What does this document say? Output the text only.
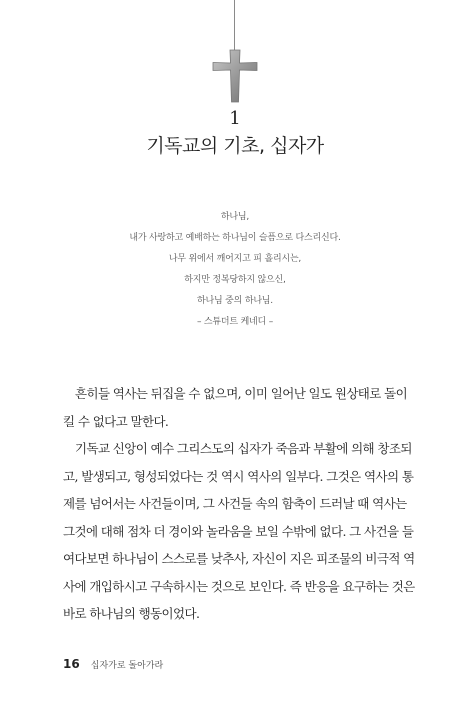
1
기독교의 기초, 십자가
하나님,
내가 사랑하고 예배하는 하나님이 슬픔으로 다스리신다.
나무 위에서 깨어지고 피 흘리시는,
하지만 정복당하지 않으신,
하나님 중의 하나님.
– 스튜더트 케네디 –
흔히들 역사는 뒤집을 수 없으며, 이미 일어난 일도 원상태로 돌이
킬 수 없다고 말한다.
기독교 신앙이 예수 그리스도의 십자가 죽음과 부활에 의해 창조되
고, 발생되고, 형성되었다는 것 역시 역사의 일부다. 그것은 역사의 통
제를 넘어서는 사건들이며, 그 사건들 속의 함축이 드러날 때 역사는
그것에 대해 점차 더 경이와 놀라움을 보일 수밖에 없다. 그 사건을 들
여다보면 하나님이 스스로를 낮추사, 자신이 지은 피조물의 비극적 역
사에 개입하시고 구속하시는 것으로 보인다. 즉 반응을 요구하는 것은
바로 하나님의 행동이었다.
16 십자가로 돌아가라
